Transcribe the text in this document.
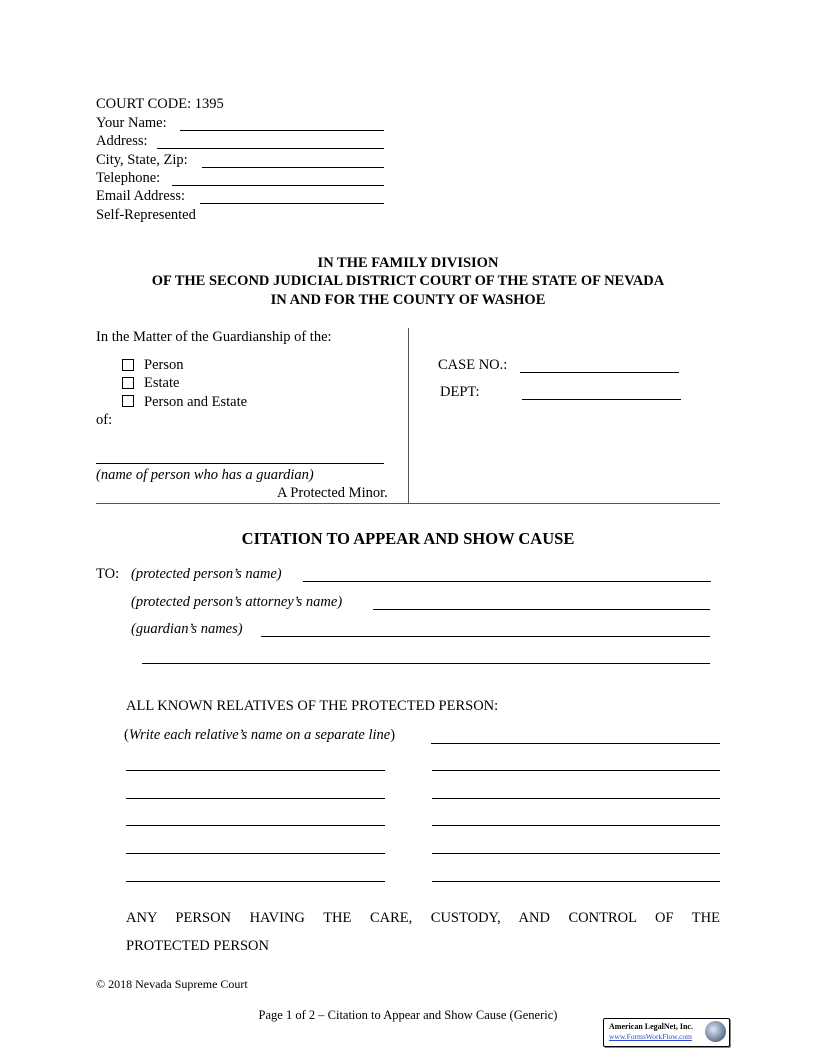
COURT CODE: 1395
Your Name:
Address:
City, State, Zip:
Telephone:
Email Address:
Self-Represented
IN THE FAMILY DIVISION
OF THE SECOND JUDICIAL DISTRICT COURT OF THE STATE OF NEVADA
IN AND FOR THE COUNTY OF WASHOE
In the Matter of the Guardianship of the:
Person
Estate
Person and Estate
of:
(name of person who has a guardian)
A Protected Minor.
CASE NO.:
DEPT:
CITATION TO APPEAR AND SHOW CAUSE
TO: (protected person’s name)
(protected person’s attorney’s name)
(guardian’s names)
ALL KNOWN RELATIVES OF THE PROTECTED PERSON:
(Write each relative’s name on a separate line)
ANY PERSON HAVING THE CARE, CUSTODY, AND CONTROL OF THE
PROTECTED PERSON
© 2018 Nevada Supreme Court
Page 1 of 2 – Citation to Appear and Show Cause (Generic)
American LegalNet, Inc.
www.FormsWorkFlow.com
